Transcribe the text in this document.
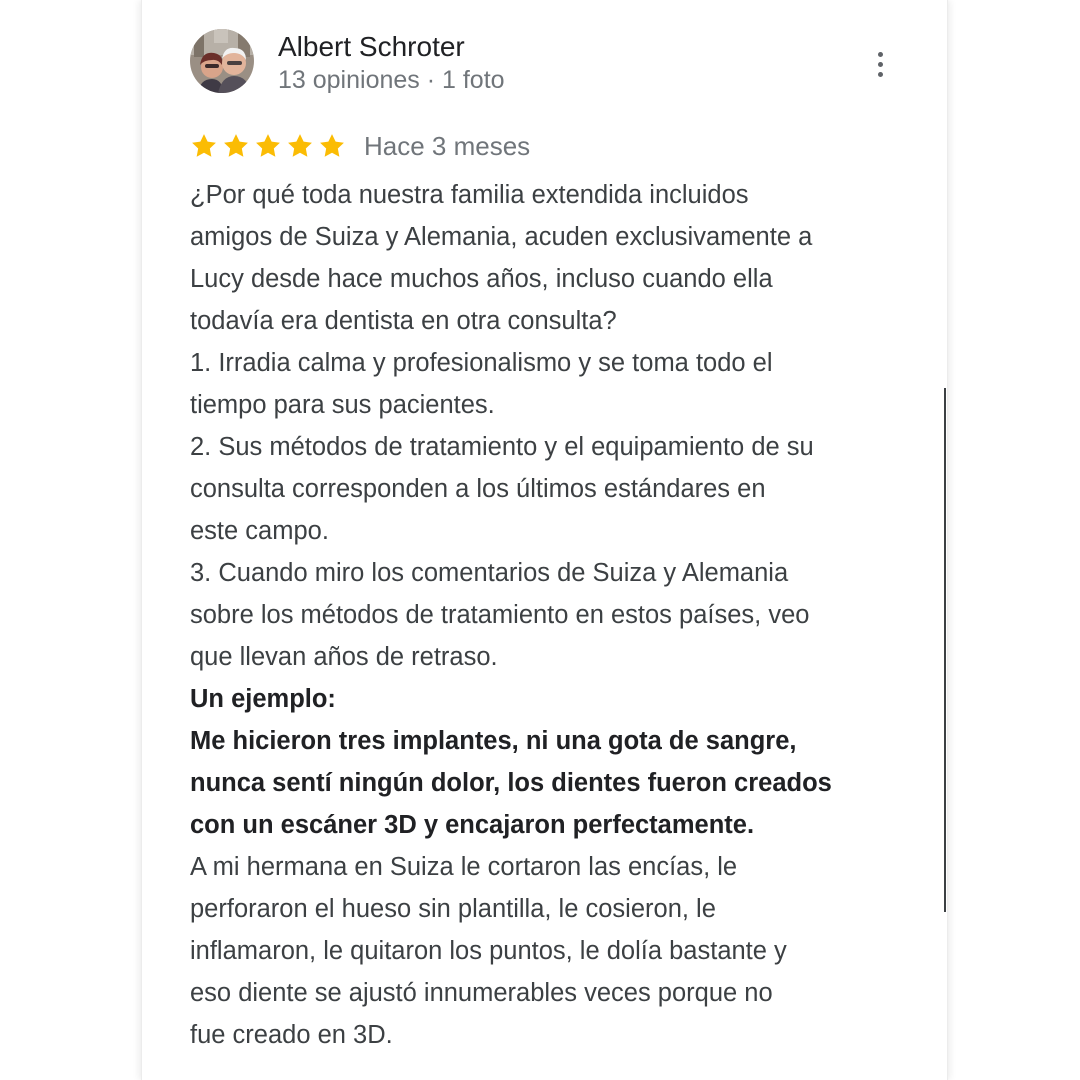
Albert Schroter
13 opiniones · 1 foto
Hace 3 meses

¿Por qué toda nuestra familia extendida incluidos
amigos de Suiza y Alemania, acuden exclusivamente a
Lucy desde hace muchos años, incluso cuando ella
todavía era dentista en otra consulta?

1. Irradia calma y profesionalismo y se toma todo el
tiempo para sus pacientes.

2. Sus métodos de tratamiento y el equipamiento de su
consulta corresponden a los últimos estándares en
este campo.

3. Cuando miro los comentarios de Suiza y Alemania
sobre los métodos de tratamiento en estos países, veo
que llevan años de retraso.

Un ejemplo:

Me hicieron tres implantes, ni una gota de sangre,
nunca sentí ningún dolor, los dientes fueron creados
con un escáner 3D y encajaron perfectamente.

A mi hermana en Suiza le cortaron las encías, le
perforaron el hueso sin plantilla, le cosieron, le
inflamaron, le quitaron los puntos, le dolía bastante y
eso diente se ajustó innumerables veces porque no
fue creado en 3D.
